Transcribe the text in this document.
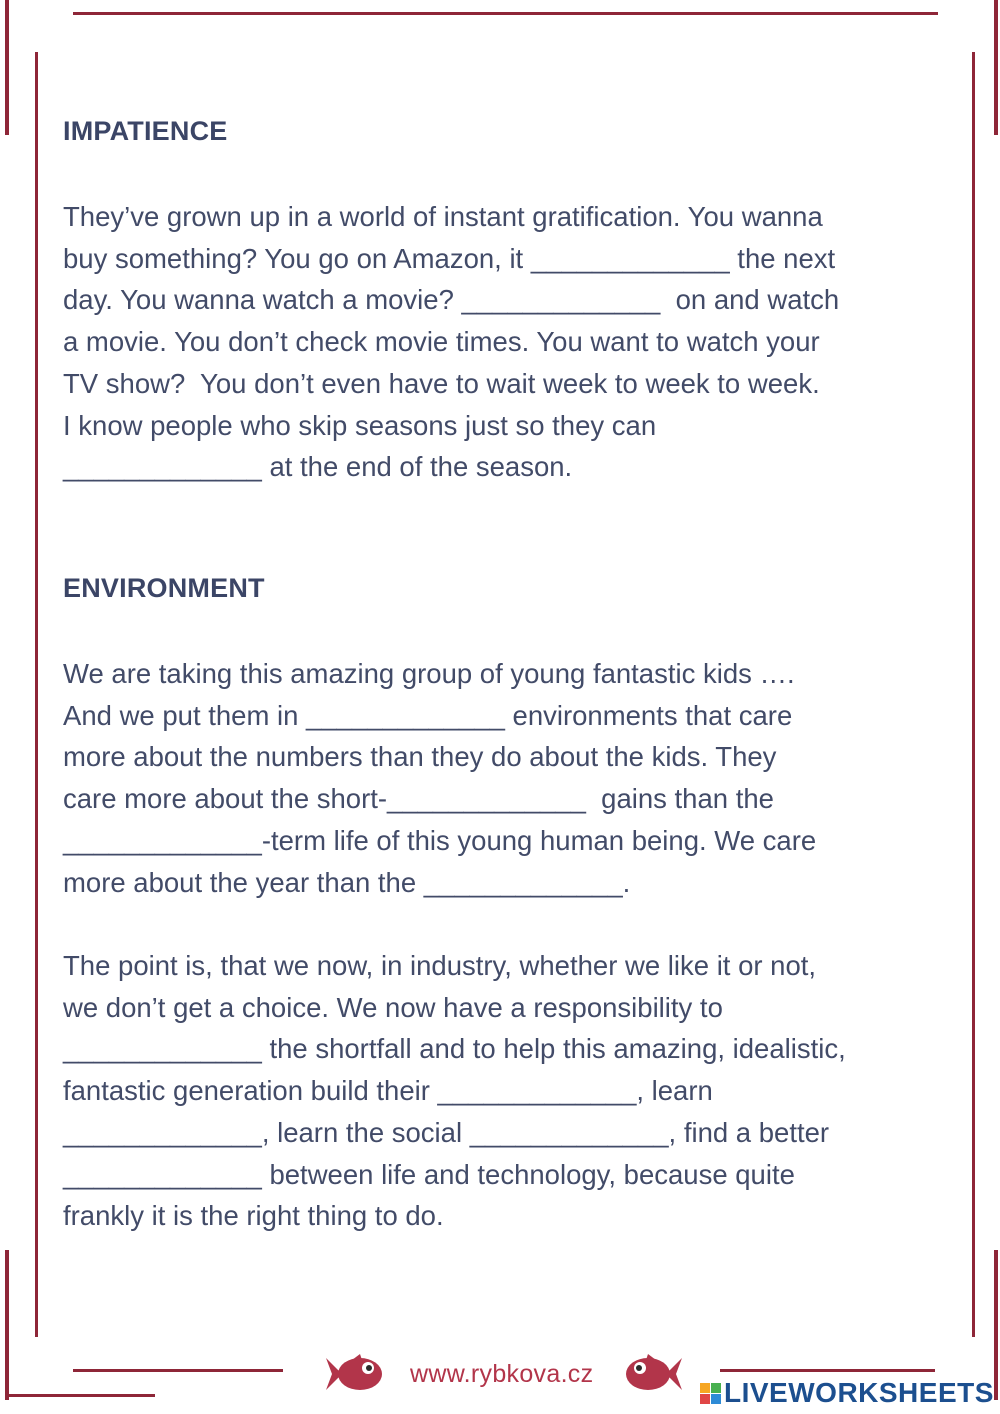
IMPATIENCE

They’ve grown up in a world of instant gratification. You wanna
buy something? You go on Amazon, it _____________ the next
day. You wanna watch a movie? _____________  on and watch
a movie. You don’t check movie times. You want to watch your
TV show?  You don’t even have to wait week to week to week.
I know people who skip seasons just so they can
_____________ at the end of the season.

ENVIRONMENT

We are taking this amazing group of young fantastic kids ….
And we put them in _____________ environments that care
more about the numbers than they do about the kids. They
care more about the short-_____________  gains than the
_____________-term life of this young human being. We care
more about the year than the _____________.

The point is, that we now, in industry, whether we like it or not,
we don’t get a choice. We now have a responsibility to
_____________ the shortfall and to help this amazing, idealistic,
fantastic generation build their _____________, learn
_____________, learn the social _____________, find a better
_____________ between life and technology, because quite
frankly it is the right thing to do.

www.rybkova.cz
LIVEWORKSHEETS
